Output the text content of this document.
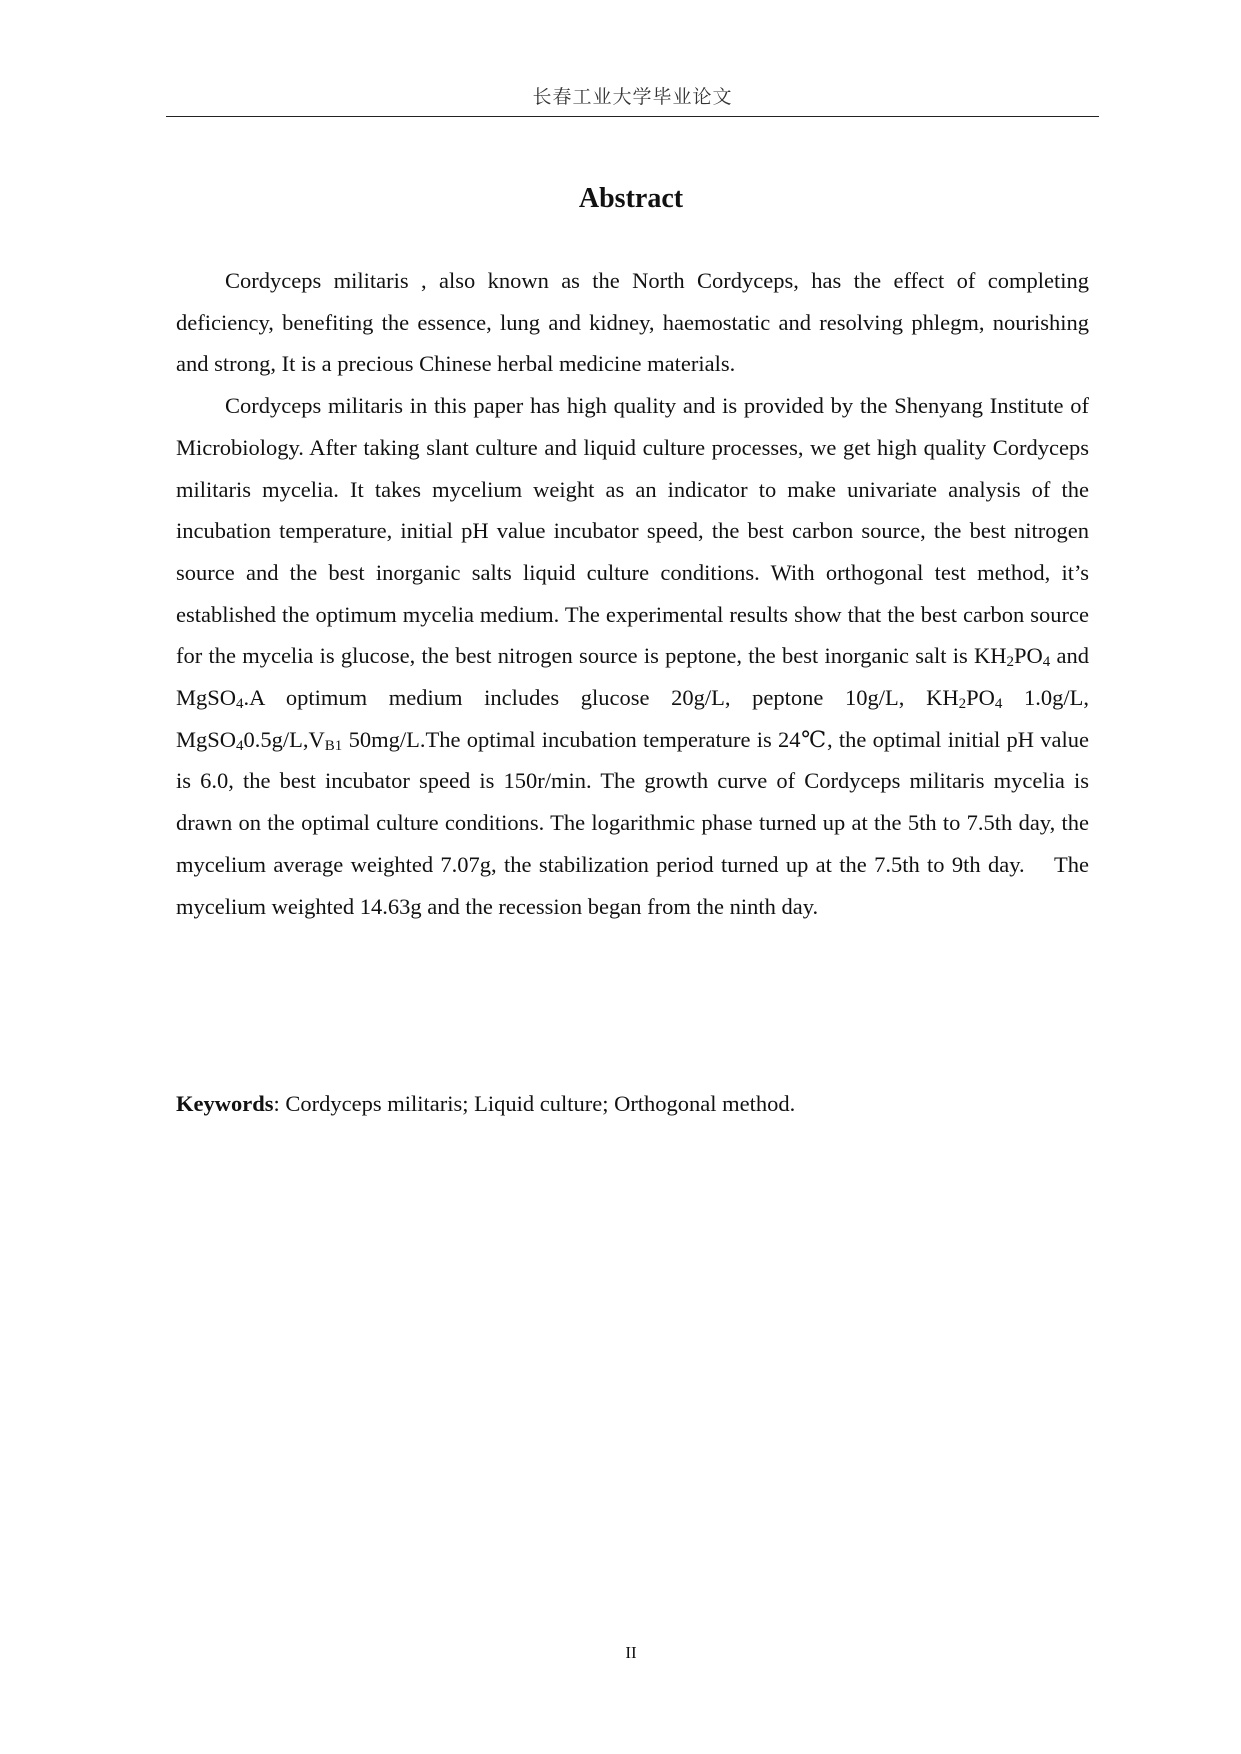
长春工业大学毕业论文
Abstract

Cordyceps militaris , also known as the North Cordyceps, has the effect of completing deficiency, benefiting the essence, lung and kidney, haemostatic and resolving phlegm, nourishing and strong, It is a precious Chinese herbal medicine materials.

Cordyceps militaris in this paper has high quality and is provided by the Shenyang Institute of Microbiology. After taking slant culture and liquid culture processes, we get high quality Cordyceps militaris mycelia. It takes mycelium weight as an indicator to make univariate analysis of the incubation temperature, initial pH value incubator speed, the best carbon source, the best nitrogen source and the best inorganic salts liquid culture conditions. With orthogonal test method, it’s established the optimum mycelia medium. The experimental results show that the best carbon source for the mycelia is glucose, the best nitrogen source is peptone, the best inorganic salt is $KH_2PO_4$ and MgSO$_4$.A optimum medium includes glucose 20g/L, peptone 10g/L, $KH_2PO_4$ 1.0g/L, $MgSO_40.5g/L,V_{B1}$ 50mg/L.The optimal incubation temperature is 24℃, the optimal initial pH value is 6.0, the best incubator speed is 150r/min. The growth curve of Cordyceps militaris mycelia is drawn on the optimal culture conditions. The logarithmic phase turned up at the 5th to 7.5th day, the mycelium average weighted 7.07g, the stabilization period turned up at the 7.5th to 9th day.    The mycelium weighted 14.63g and the recession began from the ninth day.

Keywords: Cordyceps militaris; Liquid culture; Orthogonal method.
II
